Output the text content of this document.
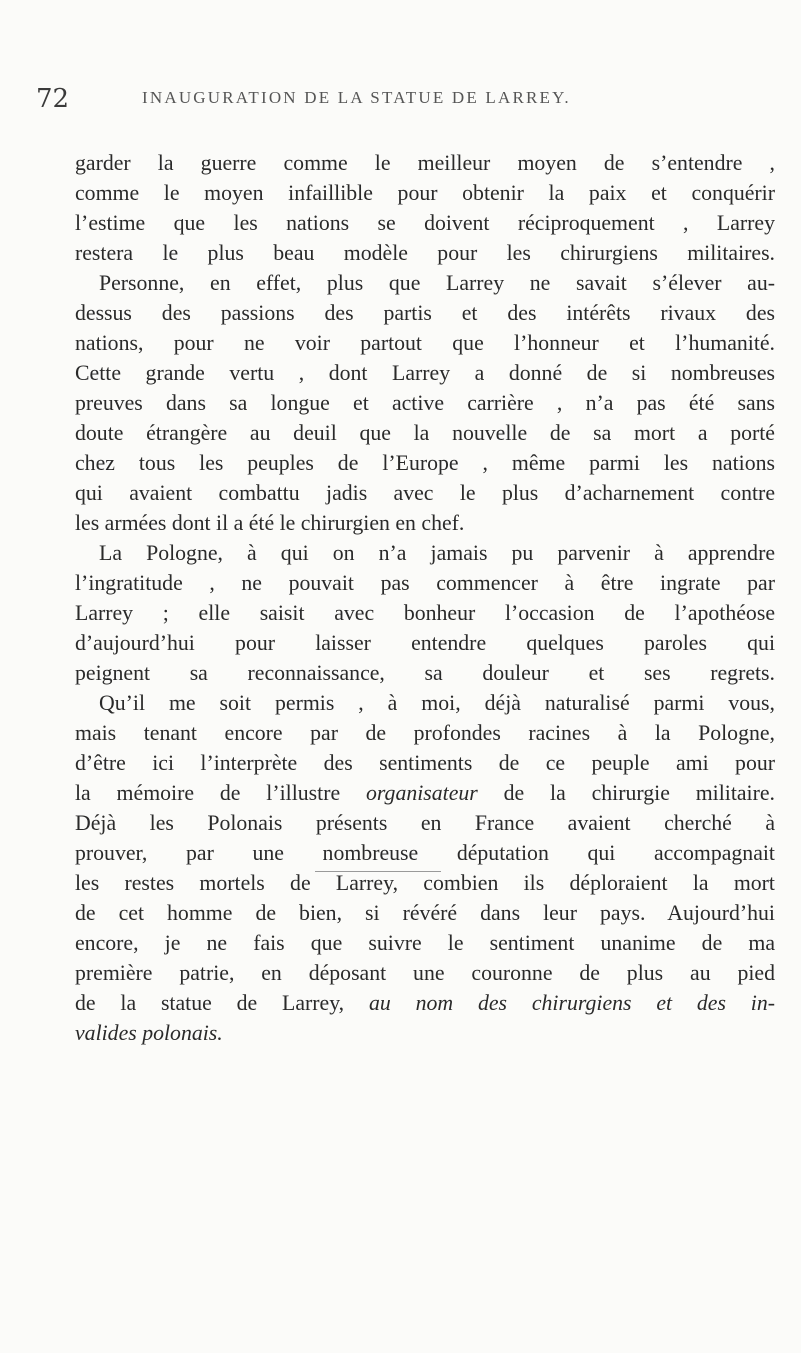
72	INAUGURATION DE LA STATUE DE LARREY.
garder la guerre comme le meilleur moyen de s’entendre ,
comme le moyen infaillible pour obtenir la paix et conquérir
l’estime que les nations se doivent réciproquement , Larrey
restera le plus beau modèle pour les chirurgiens militaires.
Personne, en effet, plus que Larrey ne savait s’élever au-
dessus des passions des partis et des intérêts rivaux des
nations, pour ne voir partout que l’honneur et l’humanité.
Cette grande vertu , dont Larrey a donné de si nombreuses
preuves dans sa longue et active carrière , n’a pas été sans
doute étrangère au deuil que la nouvelle de sa mort a porté
chez tous les peuples de l’Europe , même parmi les nations
qui avaient combattu jadis avec le plus d’acharnement contre
les armées dont il a été le chirurgien en chef.
La Pologne, à qui on n’a jamais pu parvenir à apprendre
l’ingratitude , ne pouvait pas commencer à être ingrate par
Larrey ; elle saisit avec bonheur l’occasion de l’apothéose
d’aujourd’hui pour laisser entendre quelques paroles qui
peignent sa reconnaissance, sa douleur et ses regrets.
Qu’il me soit permis , à moi, déjà naturalisé parmi vous,
mais tenant encore par de profondes racines à la Pologne,
d’être ici l’interprète des sentiments de ce peuple ami pour
la mémoire de l’illustre organisateur de la chirurgie militaire.
Déjà les Polonais présents en France avaient cherché à
prouver, par une nombreuse députation qui accompagnait
les restes mortels de Larrey, combien ils déploraient la mort
de cet homme de bien, si révéré dans leur pays. Aujourd’hui
encore, je ne fais que suivre le sentiment unanime de ma
première patrie, en déposant une couronne de plus au pied
de la statue de Larrey, au nom des chirurgiens et des in-
valides polonais.
